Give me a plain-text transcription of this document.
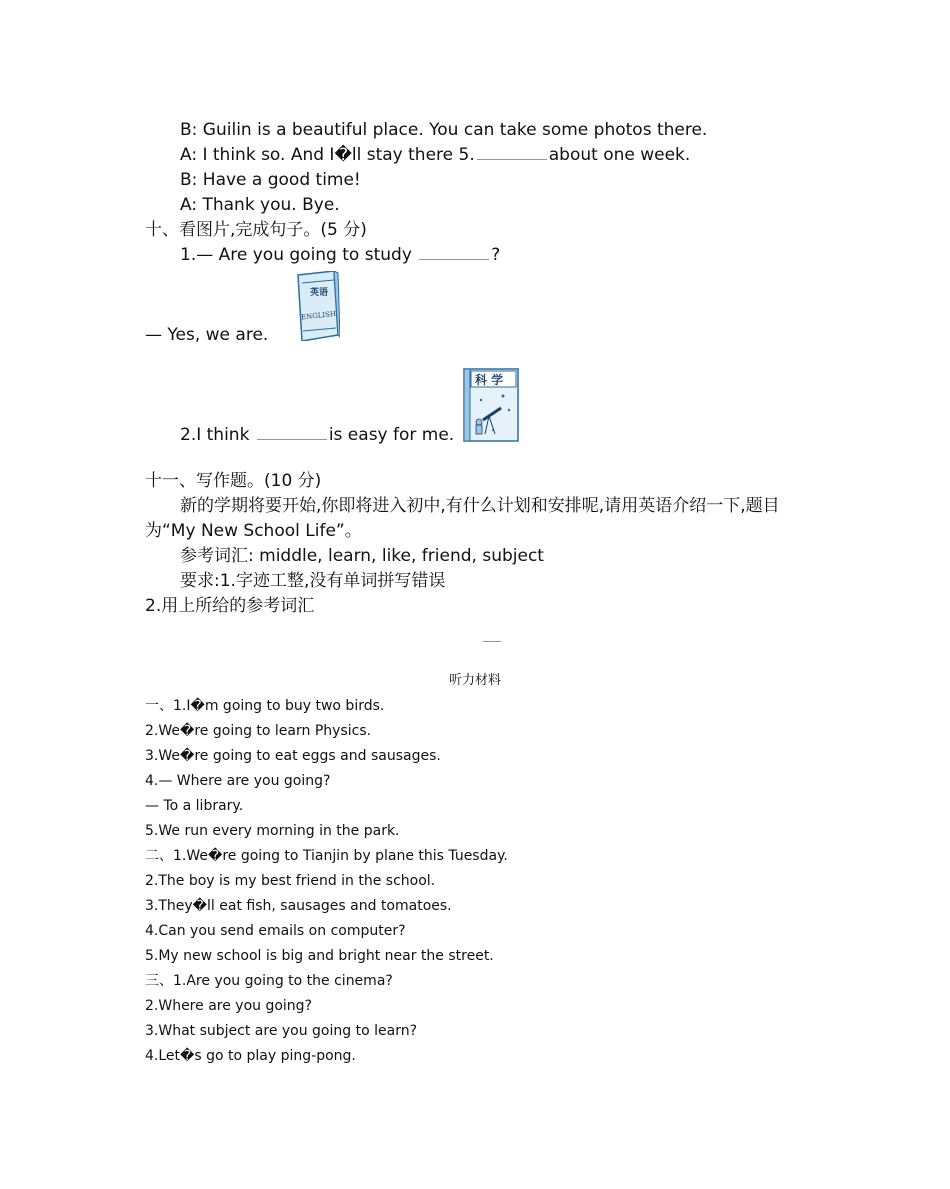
B: Guilin is a beautiful place. You can take some photos there.
A: I think so. And I�ll stay there 5.	about one week.
B: Have a good time!
A: Thank you. Bye.
十、看图片,完成句子。(5 分)
1.— Are you going to study	?
英语
ENGLISH
— Yes, we are.
科 学
2.I think	is easy for me.
十一、写作题。(10 分)
新的学期将要开始,你即将进入初中,有什么计划和安排呢,请用英语介绍一下,题目
为“My New School Life”。
参考词汇: middle, learn, like, friend, subject
要求:1.字迹工整,没有单词拼写错误
2.用上所给的参考词汇
听力材料
一、1.I�m going to buy two birds.
2.We�re going to learn Physics.
3.We�re going to eat eggs and sausages.
4.— Where are you going?
— To a library.
5.We run every morning in the park.
二、1.We�re going to Tianjin by plane this Tuesday.
2.The boy is my best friend in the school.
3.They�ll eat fish, sausages and tomatoes.
4.Can you send emails on computer?
5.My new school is big and bright near the street.
三、1.Are you going to the cinema?
2.Where are you going?
3.What subject are you going to learn?
4.Let�s go to play ping-pong.
